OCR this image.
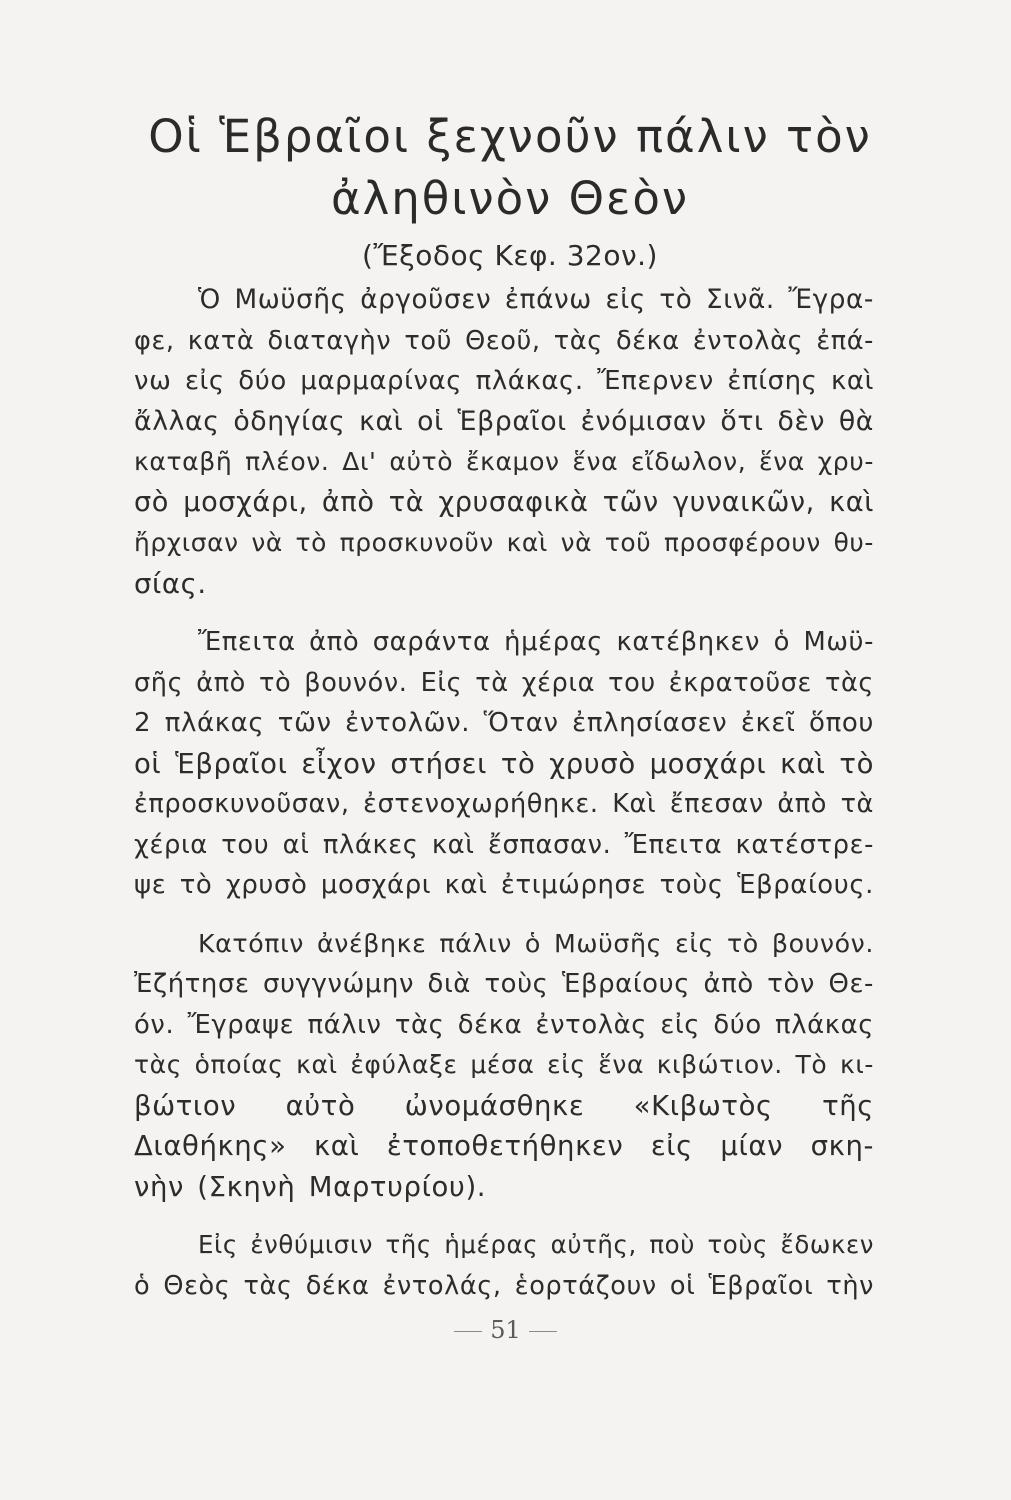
Οἱ Ἑβραῖοι ξεχνοῦν πάλιν τὸν
ἀληθινὸν Θεὸν
(Ἔξοδος Κεφ. 32ον.)
Ὁ Μωϋσῆς ἀργοῦσεν ἐπάνω εἰς τὸ Σινᾶ. Ἔγρα-
φε, κατὰ διαταγὴν τοῦ Θεοῦ, τὰς δέκα ἐντολὰς ἐπά-
νω εἰς δύο μαρμαρίνας πλάκας. Ἔπερνεν ἐπίσης καὶ
ἄλλας ὁδηγίας καὶ οἱ Ἑβραῖοι ἐνόμισαν ὅτι δὲν θὰ
καταβῆ πλέον. Δι' αὐτὸ ἔκαμον ἕνα εἴδωλον, ἕνα χρυ-
σὸ μοσχάρι, ἀπὸ τὰ χρυσαφικὰ τῶν γυναικῶν, καὶ
ἤρχισαν νὰ τὸ προσκυνοῦν καὶ νὰ τοῦ προσφέρουν θυ-
σίας.
Ἔπειτα ἀπὸ σαράντα ἡμέρας κατέβηκεν ὁ Μωϋ-
σῆς ἀπὸ τὸ βουνόν. Εἰς τὰ χέρια του ἐκρατοῦσε τὰς
2 πλάκας τῶν ἐντολῶν. Ὅταν ἐπλησίασεν ἐκεῖ ὅπου
οἱ Ἑβραῖοι εἶχον στήσει τὸ χρυσὸ μοσχάρι καὶ τὸ
ἐπροσκυνοῦσαν, ἐστενοχωρήθηκε. Καὶ ἔπεσαν ἀπὸ τὰ
χέρια του αἱ πλάκες καὶ ἔσπασαν. Ἔπειτα κατέστρε-
ψε τὸ χρυσὸ μοσχάρι καὶ ἐτιμώρησε τοὺς Ἑβραίους.
Κατόπιν ἀνέβηκε πάλιν ὁ Μωϋσῆς εἰς τὸ βουνόν.
Ἐζήτησε συγγνώμην διὰ τοὺς Ἑβραίους ἀπὸ τὸν Θε-
όν. Ἔγραψε πάλιν τὰς δέκα ἐντολὰς εἰς δύο πλάκας
τὰς ὁποίας καὶ ἐφύλαξε μέσα εἰς ἕνα κιβώτιον. Τὸ κι-
βώτιον αὐτὸ ὠνομάσθηκε «Κιβωτὸς τῆς
Διαθήκης» καὶ ἐτοποθετήθηκεν εἰς μίαν σκη-
νὴν (Σκηνὴ Μαρτυρίου).
Εἰς ἐνθύμισιν τῆς ἡμέρας αὐτῆς, ποὺ τοὺς ἔδωκεν
ὁ Θεὸς τὰς δέκα ἐντολάς, ἑορτάζουν οἱ Ἑβραῖοι τὴν
51
